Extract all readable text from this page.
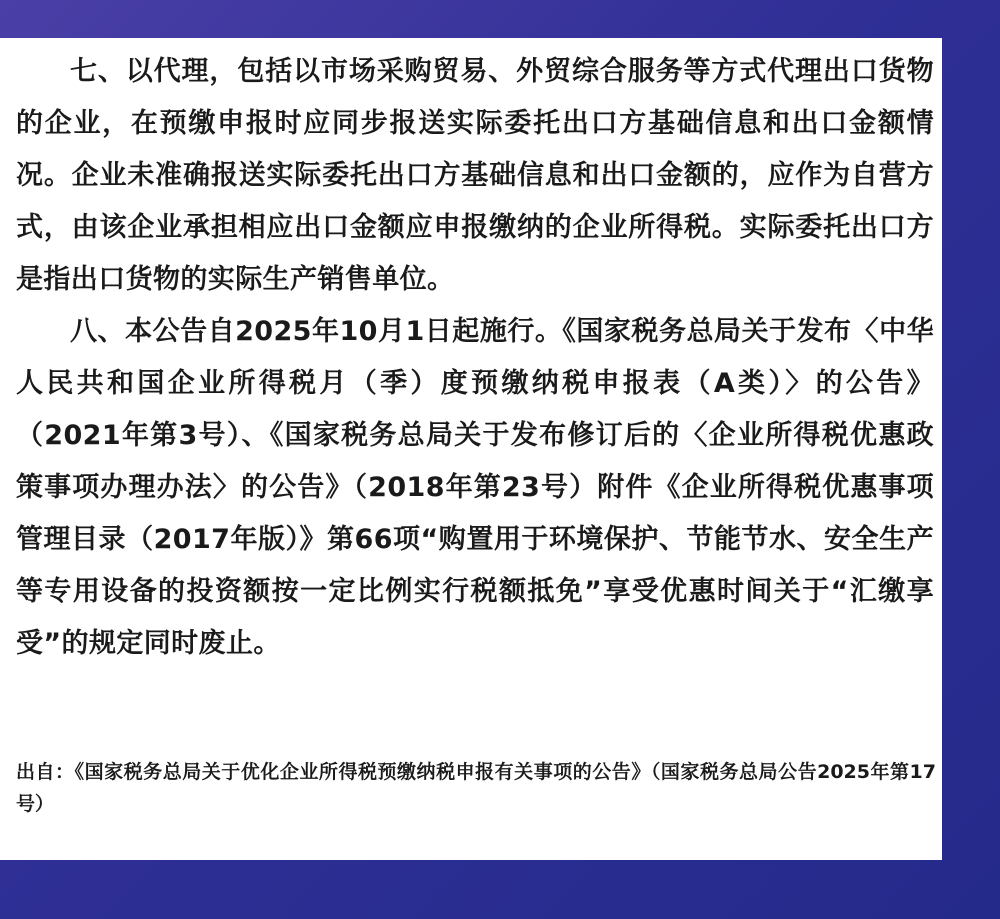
七、以代理，包括以市场采购贸易、外贸综合服务等方式代理出口货物的企业，在预缴申报时应同步报送实际委托出口方基础信息和出口金额情况。企业未准确报送实际委托出口方基础信息和出口金额的，应作为自营方式，由该企业承担相应出口金额应申报缴纳的企业所得税。实际委托出口方是指出口货物的实际生产销售单位。

八、本公告自2025年10月1日起施行。《国家税务总局关于发布〈中华人民共和国企业所得税月（季）度预缴纳税申报表（A类）〉的公告》（2021年第3号）、《国家税务总局关于发布修订后的〈企业所得税优惠政策事项办理办法〉的公告》（2018年第23号）附件《企业所得税优惠事项管理目录（2017年版）》第66项“购置用于环境保护、节能节水、安全生产等专用设备的投资额按一定比例实行税额抵免”享受优惠时间关于“汇缴享受”的规定同时废止。

出自：《国家税务总局关于优化企业所得税预缴纳税申报有关事项的公告》（国家税务总局公告2025年第17号）
